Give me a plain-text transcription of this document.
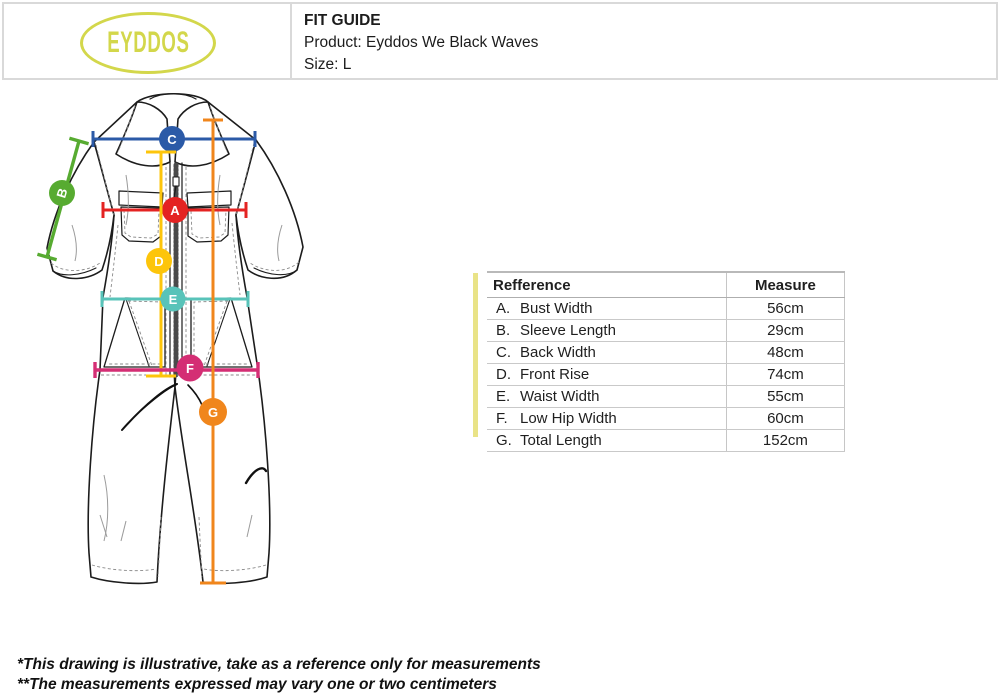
EYDDOS
FIT GUIDE
Product: Eyddos We Black Waves
Size: L
C
B
A
D
E
F
G
Refference	Measure
A. Bust Width	56cm
B. Sleeve Length	29cm
C. Back Width	48cm
D. Front Rise	74cm
E. Waist Width	55cm
F. Low Hip Width	60cm
G. Total Length	152cm
*This drawing is illustrative, take as a reference only for measurements
**The measurements expressed may vary one or two centimeters
